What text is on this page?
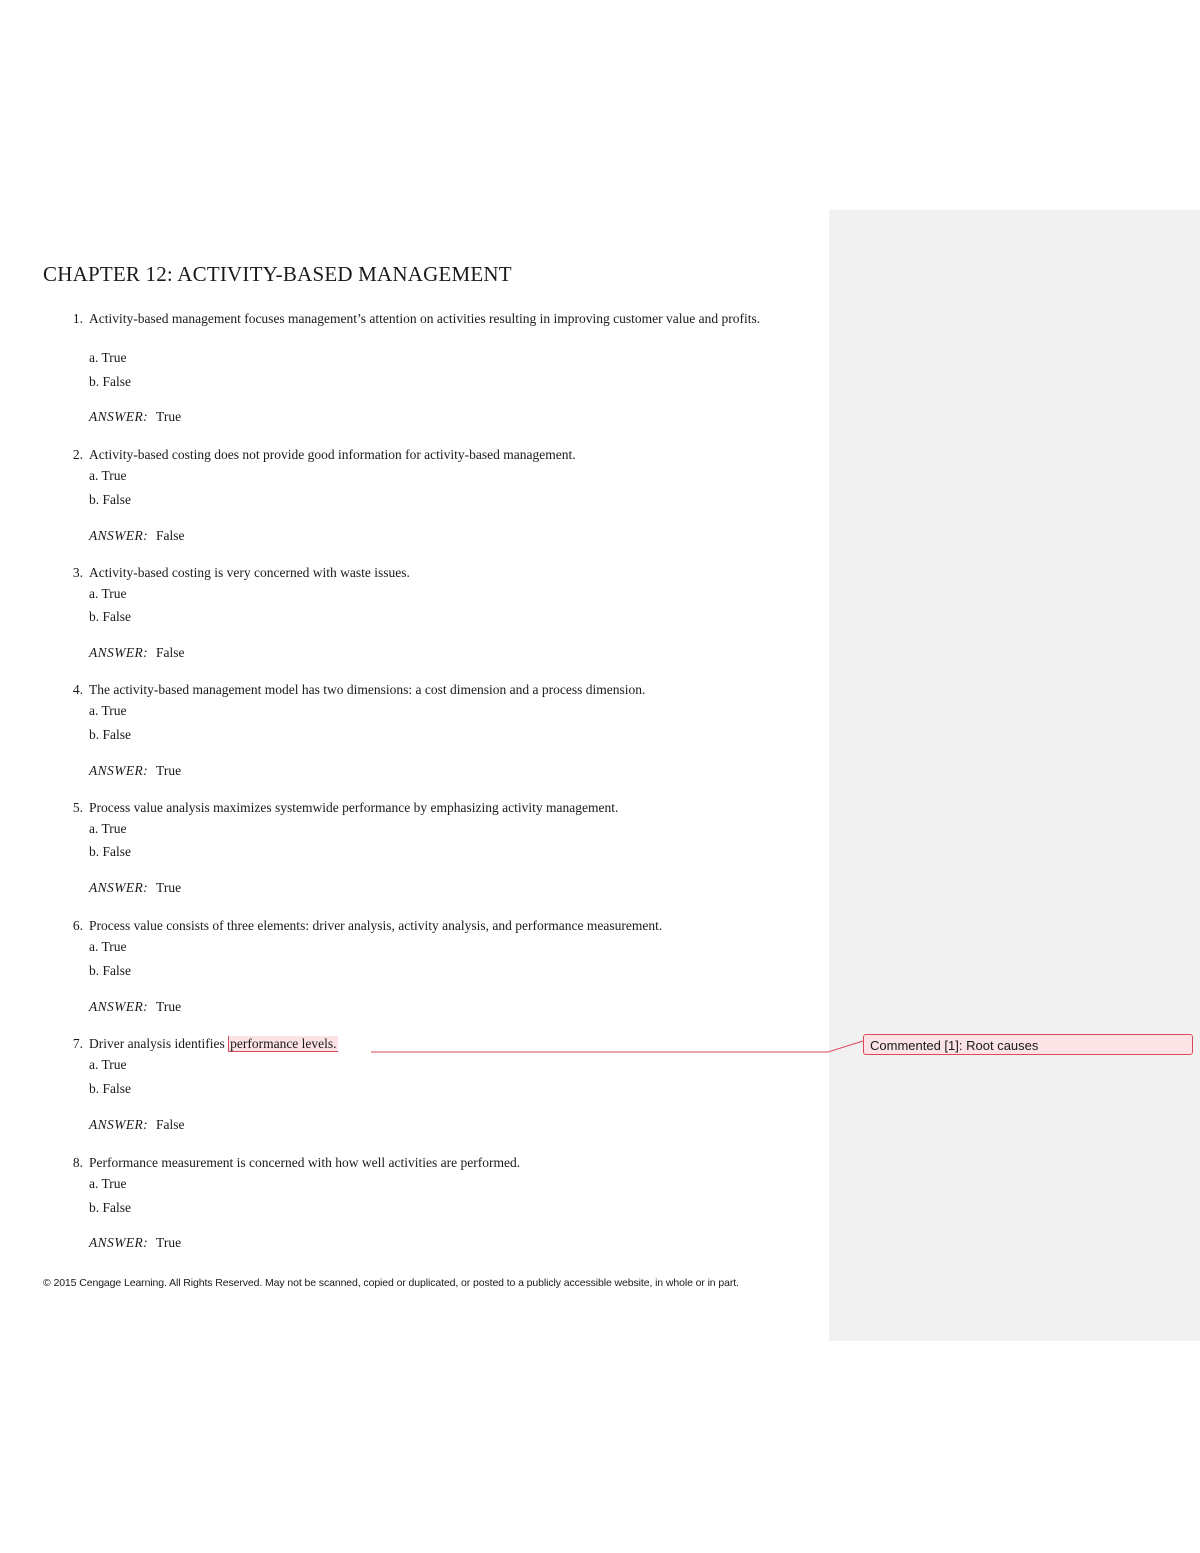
CHAPTER 12: ACTIVITY-BASED MANAGEMENT
1. Activity-based management focuses management’s attention on activities resulting in improving customer value and profits.
a. True
b. False
ANSWER: True
2. Activity-based costing does not provide good information for activity-based management.
a. True
b. False
ANSWER: False
3. Activity-based costing is very concerned with waste issues.
a. True
b. False
ANSWER: False
4. The activity-based management model has two dimensions: a cost dimension and a process dimension.
a. True
b. False
ANSWER: True
5. Process value analysis maximizes systemwide performance by emphasizing activity management.
a. True
b. False
ANSWER: True
6. Process value consists of three elements: driver analysis, activity analysis, and performance measurement.
a. True
b. False
ANSWER: True
7. Driver analysis identifies performance levels.
a. True
b. False
ANSWER: False
8. Performance measurement is concerned with how well activities are performed.
a. True
b. False
ANSWER: True
© 2015 Cengage Learning. All Rights Reserved. May not be scanned, copied or duplicated, or posted to a publicly accessible website, in whole or in part.
Commented [1]: Root causes
